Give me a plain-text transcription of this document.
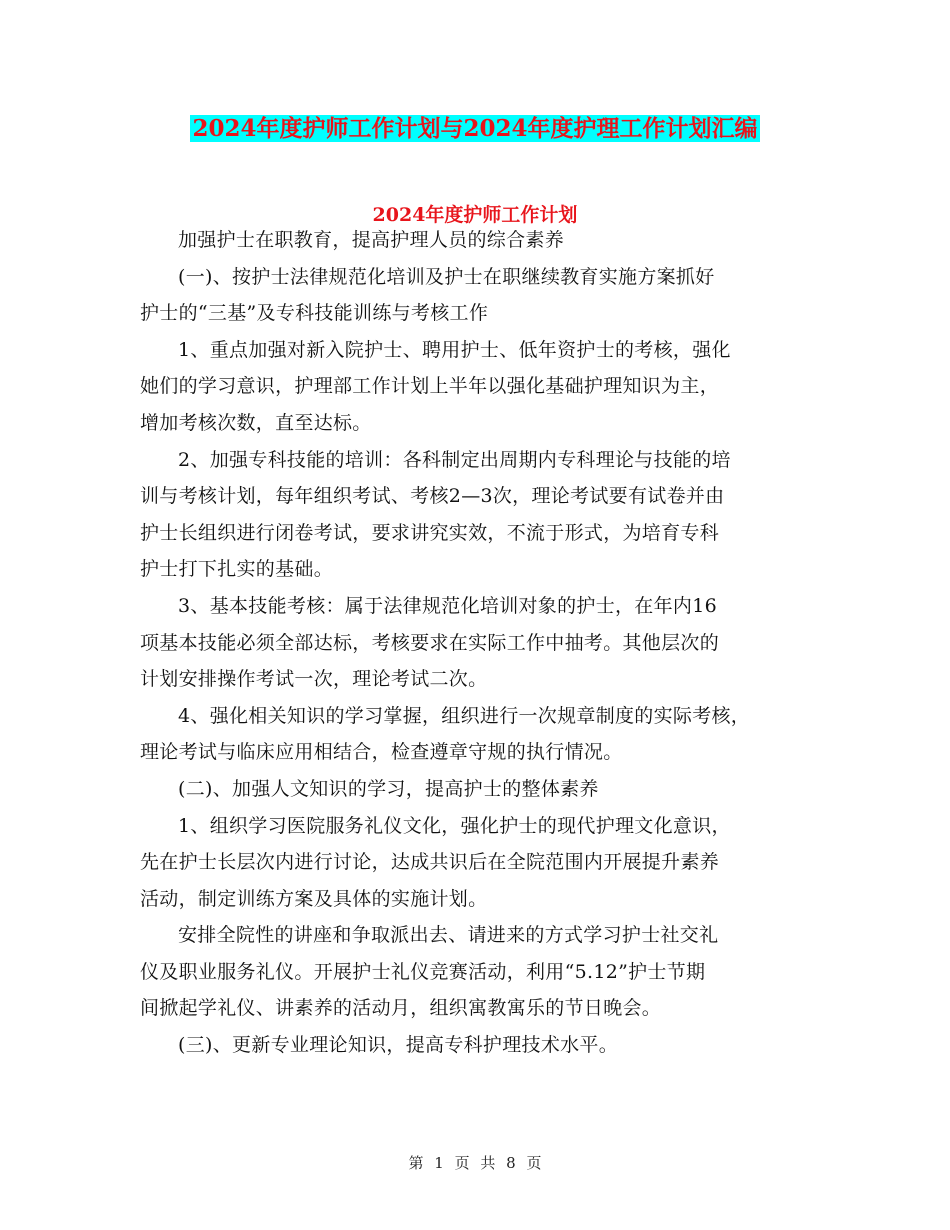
2024年度护师工作计划与2024年度护理工作计划汇编
2024年度护师工作计划

加强护士在职教育，提高护理人员的综合素养

(一)、按护士法律规范化培训及护士在职继续教育实施方案抓好
护士的“三基”及专科技能训练与考核工作

1、重点加强对新入院护士、聘用护士、低年资护士的考核，强化
她们的学习意识，护理部工作计划上半年以强化基础护理知识为主，
增加考核次数，直至达标。

2、加强专科技能的培训：各科制定出周期内专科理论与技能的培
训与考核计划，每年组织考试、考核2—3次，理论考试要有试卷并由
护士长组织进行闭卷考试，要求讲究实效，不流于形式，为培育专科
护士打下扎实的基础。

3、基本技能考核：属于法律规范化培训对象的护士，在年内16
项基本技能必须全部达标，考核要求在实际工作中抽考。其他层次的
计划安排操作考试一次，理论考试二次。

4、强化相关知识的学习掌握，组织进行一次规章制度的实际考核，
理论考试与临床应用相结合，检查遵章守规的执行情况。

(二)、加强人文知识的学习，提高护士的整体素养

1、组织学习医院服务礼仪文化，强化护士的现代护理文化意识，
先在护士长层次内进行讨论，达成共识后在全院范围内开展提升素养
活动，制定训练方案及具体的实施计划。

安排全院性的讲座和争取派出去、请进来的方式学习护士社交礼
仪及职业服务礼仪。开展护士礼仪竞赛活动，利用“5.12”护士节期
间掀起学礼仪、讲素养的活动月，组织寓教寓乐的节日晚会。

(三)、更新专业理论知识，提高专科护理技术水平。

第 1 页 共 8 页
